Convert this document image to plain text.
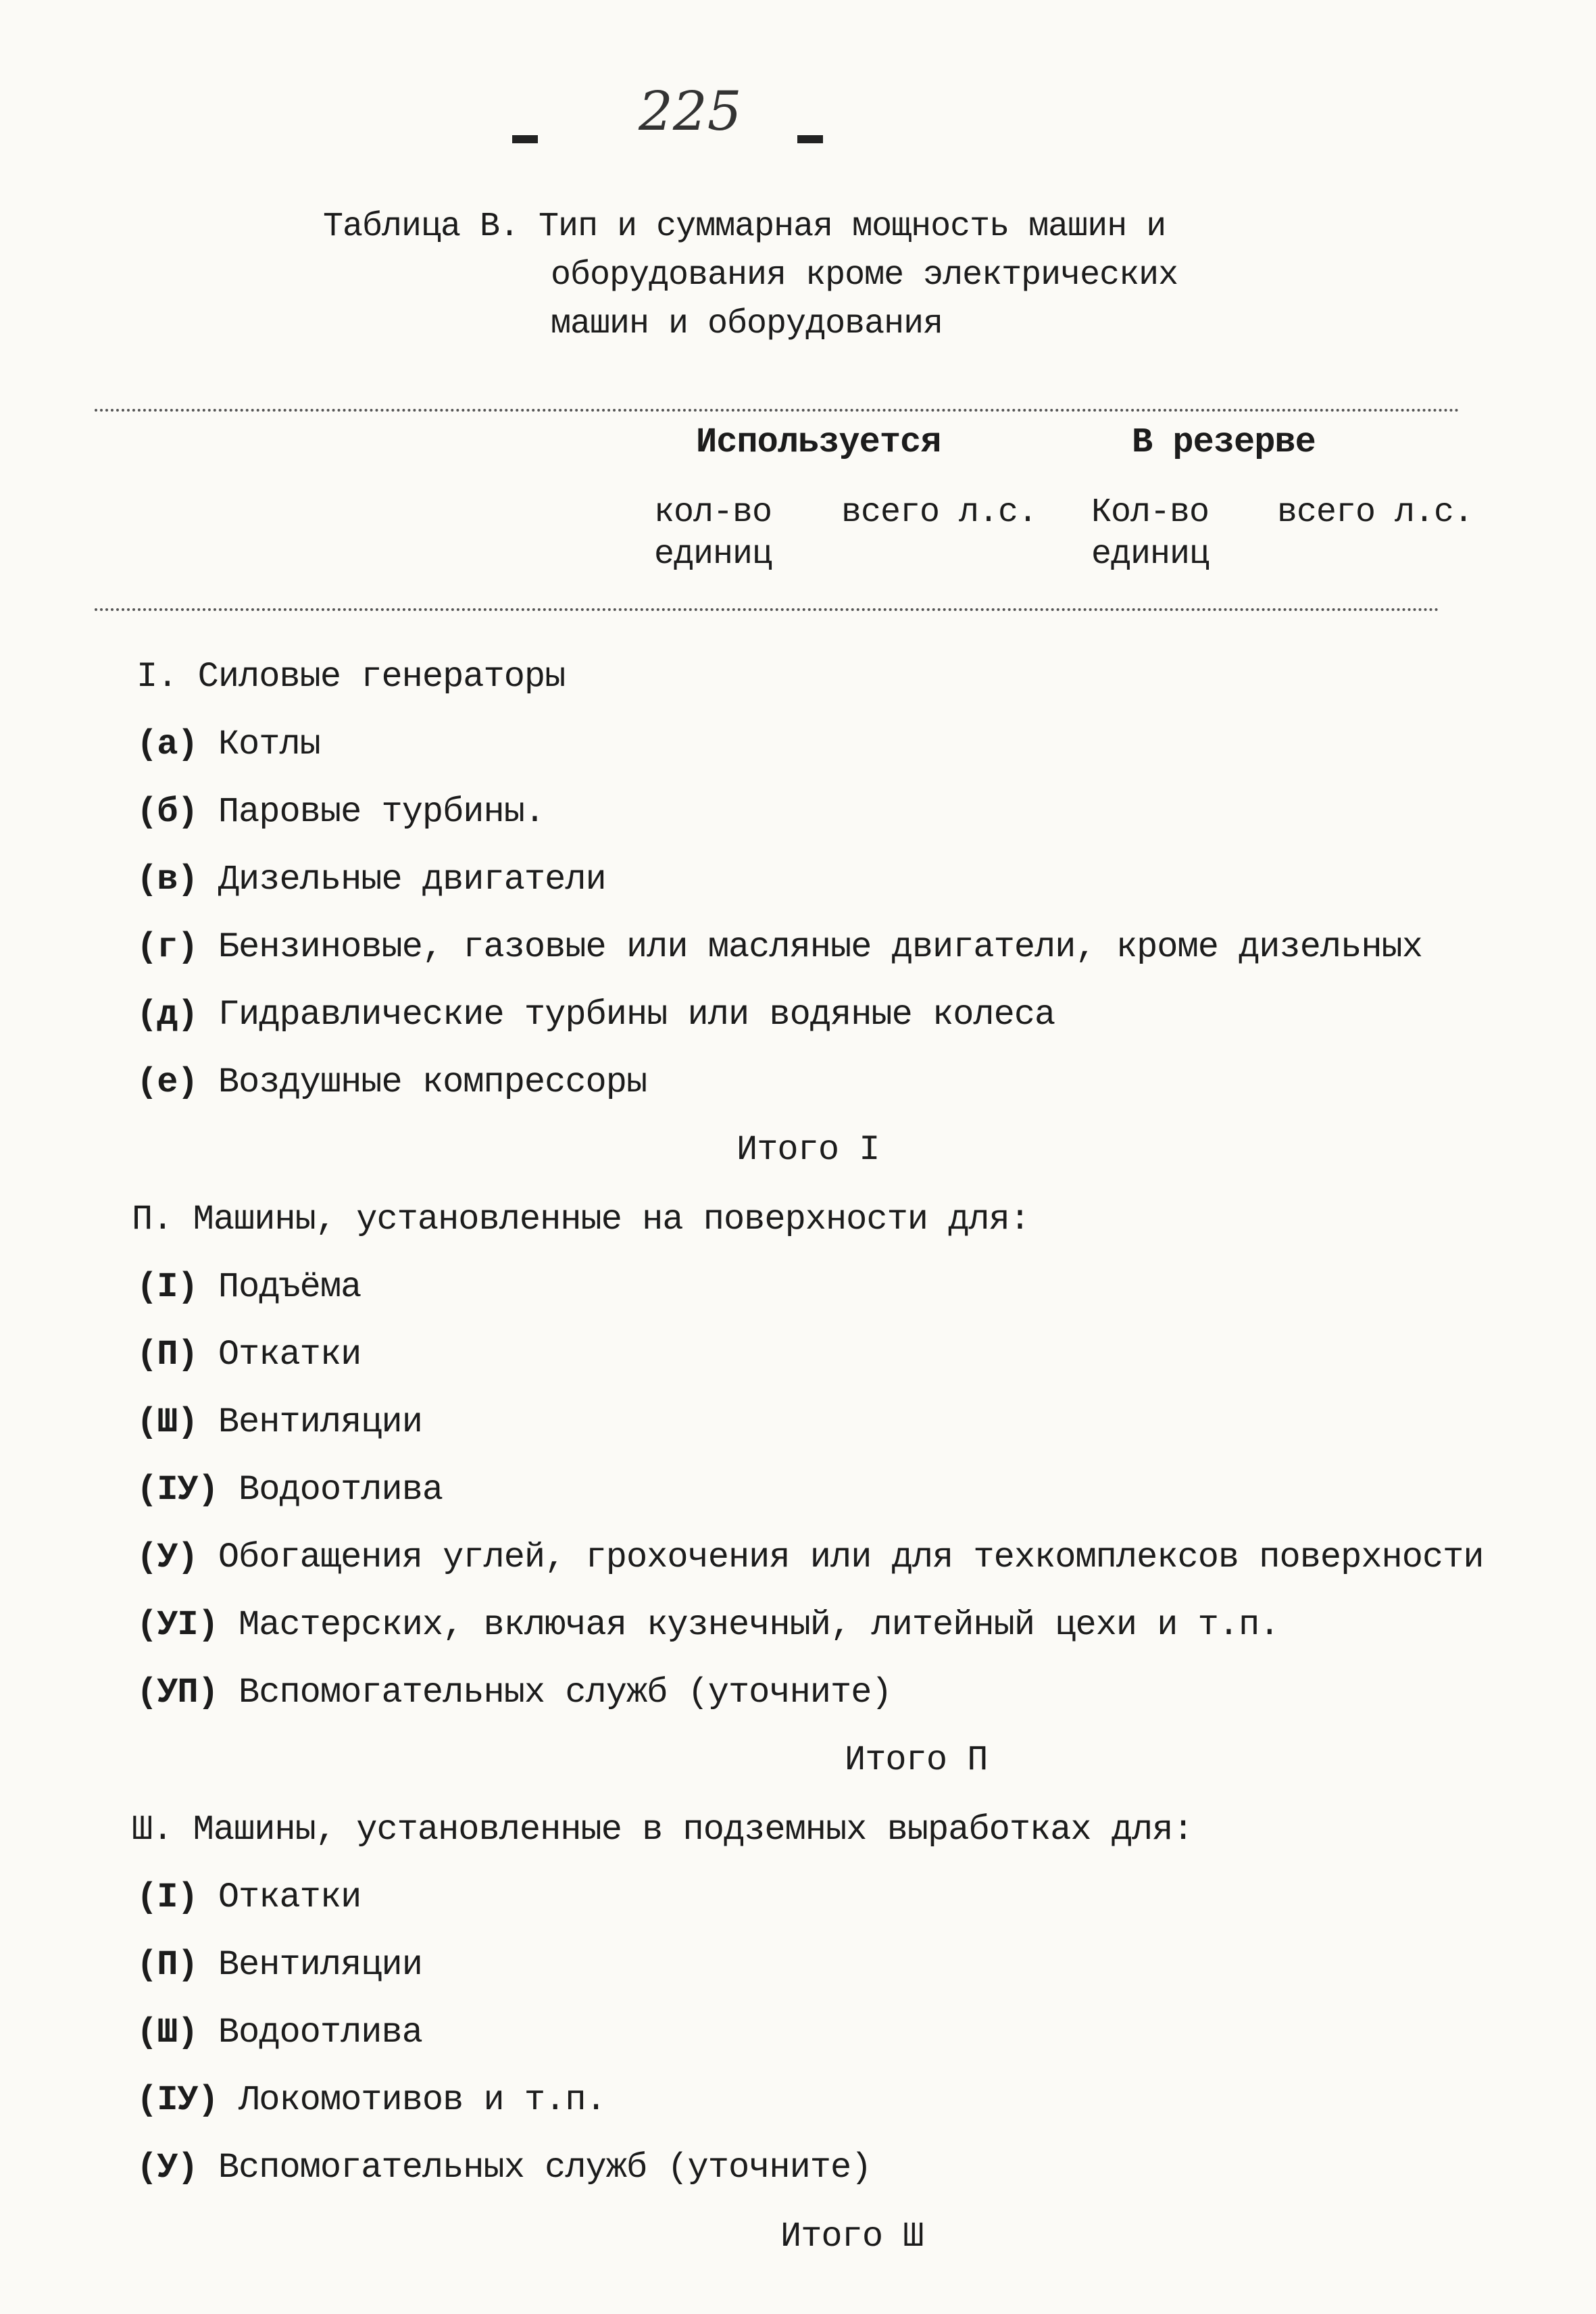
225
Таблица В. Тип и суммарная мощность машин и
оборудования кроме электрических
машин и оборудования
Используется	В резерве
кол-во
единиц
всего л.с. Кол-во
единиц
всего л.с.
I. Силовые генераторы
(а) Котлы
(б) Паровые турбины.
(в) Дизельные двигатели
(г) Бензиновые, газовые или масляные двигатели, кроме дизельных
(д) Гидравлические турбины или водяные колеса
(е) Воздушные компрессоры
Итого I
П. Машины, установленные на поверхности для:
(I) Подъёма
(П) Откатки
(Ш) Вентиляции
(IУ) Водоотлива
(У) Обогащения углей, грохочения или для техкомплексов поверхности
(УI) Мастерских, включая кузнечный, литейный цехи и т.п.
(УП) Вспомогательных служб (уточните)
Итого П
Ш. Машины, установленные в подземных выработках для:
(I) Откатки
(П) Вентиляции
(Ш) Водоотлива
(IУ) Локомотивов и т.п.
(У) Вспомогательных служб (уточните)
Итого Ш
